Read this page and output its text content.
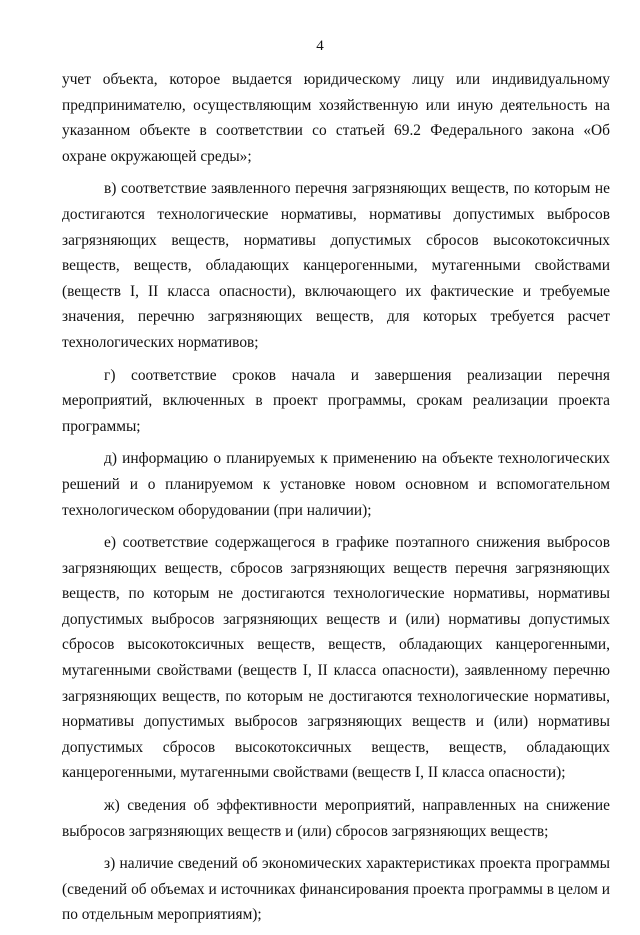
4

учет объекта, которое выдается юридическому лицу или индивидуальному предпринимателю, осуществляющим хозяйственную или иную деятельность на указанном объекте в соответствии со статьей 69.2 Федерального закона «Об охране окружающей среды»;

в) соответствие заявленного перечня загрязняющих веществ, по которым не достигаются технологические нормативы, нормативы допустимых выбросов загрязняющих веществ, нормативы допустимых сбросов высокотоксичных веществ, веществ, обладающих канцерогенными, мутагенными свойствами (веществ I, II класса опасности), включающего их фактические и требуемые значения, перечню загрязняющих веществ, для которых требуется расчет технологических нормативов;

г) соответствие сроков начала и завершения реализации перечня мероприятий, включенных в проект программы, срокам реализации проекта программы;

д) информацию о планируемых к применению на объекте технологических решений и о планируемом к установке новом основном и вспомогательном технологическом оборудовании (при наличии);

е) соответствие содержащегося в графике поэтапного снижения выбросов загрязняющих веществ, сбросов загрязняющих веществ перечня загрязняющих веществ, по которым не достигаются технологические нормативы, нормативы допустимых выбросов загрязняющих веществ и (или) нормативы допустимых сбросов высокотоксичных веществ, веществ, обладающих канцерогенными, мутагенными свойствами (веществ I, II класса опасности), заявленному перечню загрязняющих веществ, по которым не достигаются технологические нормативы, нормативы допустимых выбросов загрязняющих веществ и (или) нормативы допустимых сбросов высокотоксичных веществ, веществ, обладающих канцерогенными, мутагенными свойствами (веществ I, II класса опасности);

ж) сведения об эффективности мероприятий, направленных на снижение выбросов загрязняющих веществ и (или) сбросов загрязняющих веществ;

з) наличие сведений об экономических характеристиках проекта программы (сведений об объемах и источниках финансирования проекта программы в целом и по отдельным мероприятиям);
